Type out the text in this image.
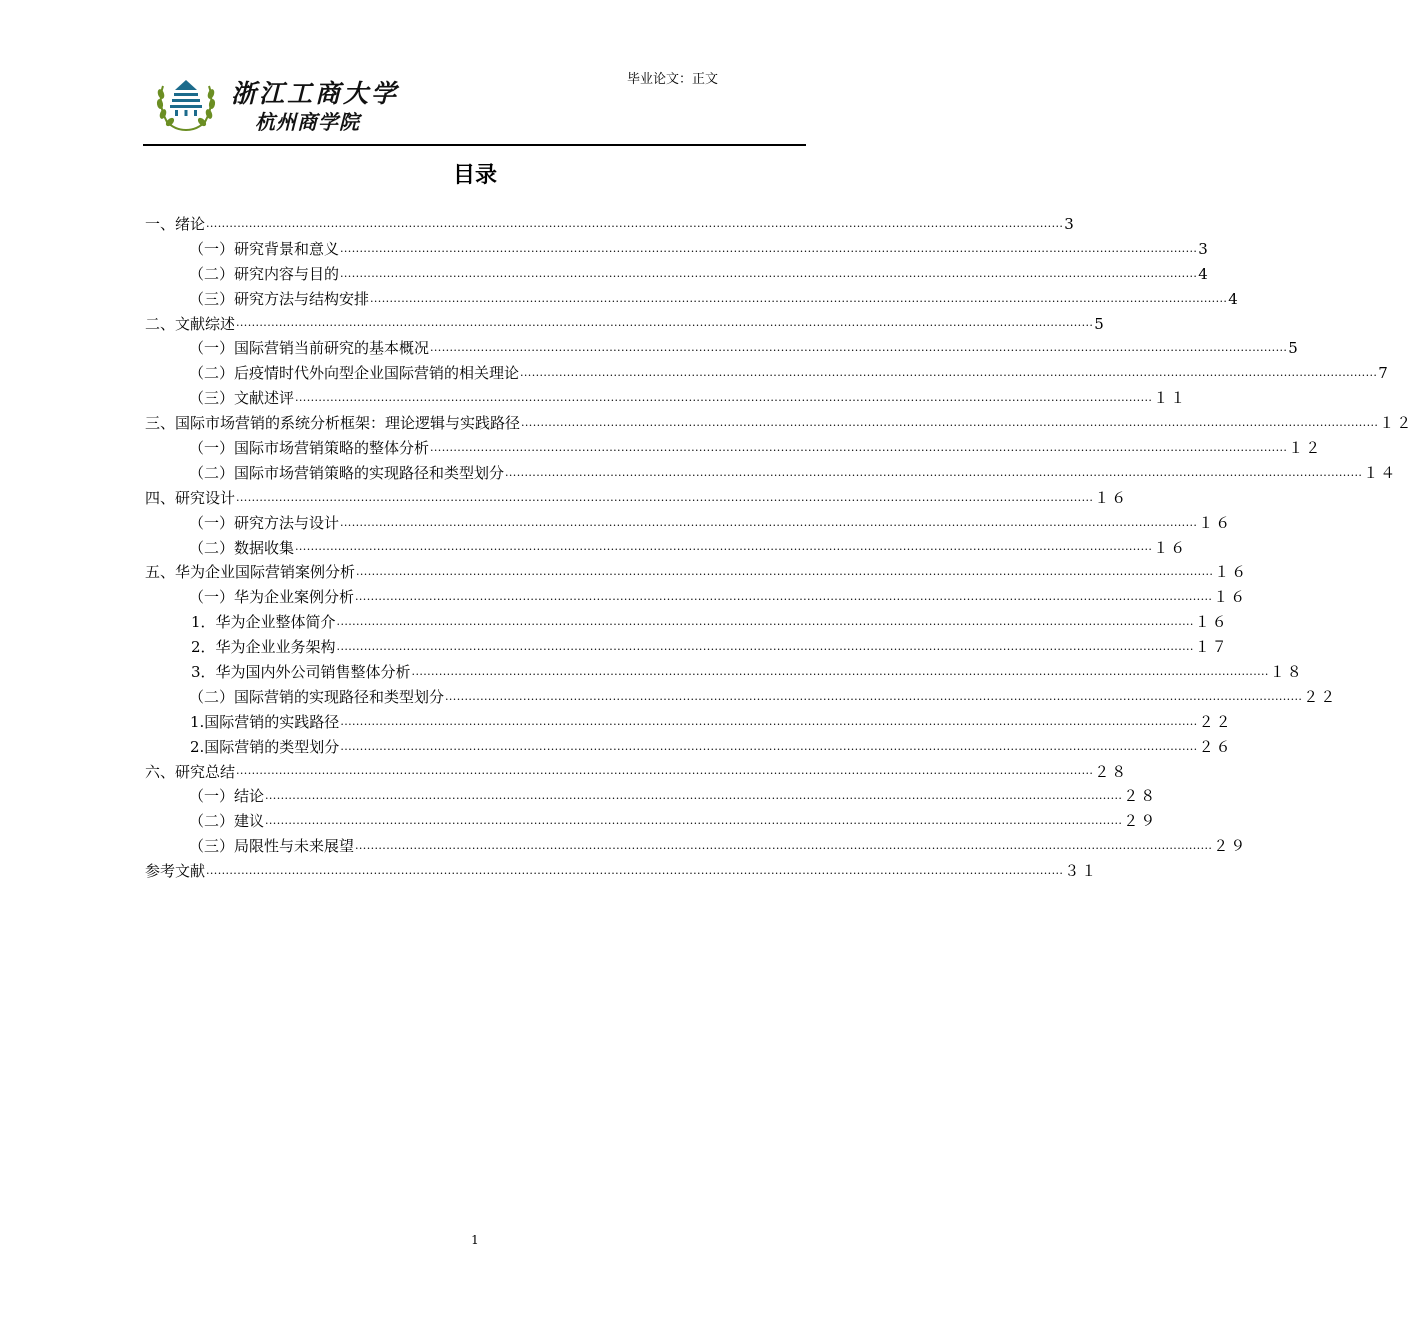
浙江工商大学
杭州商学院
毕业论文：正文
目录
一、绪论 ............................................................................................................................................................................................................................ 3
（一）研究背景和意义 ............................................................................................................................................................................................................................ 3
（二）研究内容与目的 ............................................................................................................................................................................................................................ 4
（三）研究方法与结构安排 ............................................................................................................................................................................................................................ 4
二、文献综述 ............................................................................................................................................................................................................................ 5
（一）国际营销当前研究的基本概况 ............................................................................................................................................................................................................................ 5
（二）后疫情时代外向型企业国际营销的相关理论 ............................................................................................................................................................................................................................ 7
（三）文献述评 ............................................................................................................................................................................................................................ １１
三、国际市场营销的系统分析框架：理论逻辑与实践路径 ............................................................................................................................................................................................................................ １２
（一）国际市场营销策略的整体分析 ............................................................................................................................................................................................................................ １２
（二）国际市场营销策略的实现路径和类型划分 ............................................................................................................................................................................................................................ １４
四、研究设计 ............................................................................................................................................................................................................................ １６
（一）研究方法与设计 ............................................................................................................................................................................................................................ １６
（二）数据收集 ............................................................................................................................................................................................................................ １６
五、华为企业国际营销案例分析 ............................................................................................................................................................................................................................ １６
（一）华为企业案例分析 ............................................................................................................................................................................................................................ １６
1．华为企业整体简介 ............................................................................................................................................................................................................................ １６
2．华为企业业务架构 ............................................................................................................................................................................................................................ １７
3．华为国内外公司销售整体分析 ............................................................................................................................................................................................................................ １８
（二）国际营销的实现路径和类型划分 ............................................................................................................................................................................................................................ ２２
1.国际营销的实践路径 ............................................................................................................................................................................................................................ ２２
2.国际营销的类型划分 ............................................................................................................................................................................................................................ ２６
六、研究总结 ............................................................................................................................................................................................................................ ２８
（一）结论 ............................................................................................................................................................................................................................ ２８
（二）建议 ............................................................................................................................................................................................................................ ２９
（三）局限性与未来展望 ............................................................................................................................................................................................................................ ２９
参考文献 ............................................................................................................................................................................................................................ ３１
1
